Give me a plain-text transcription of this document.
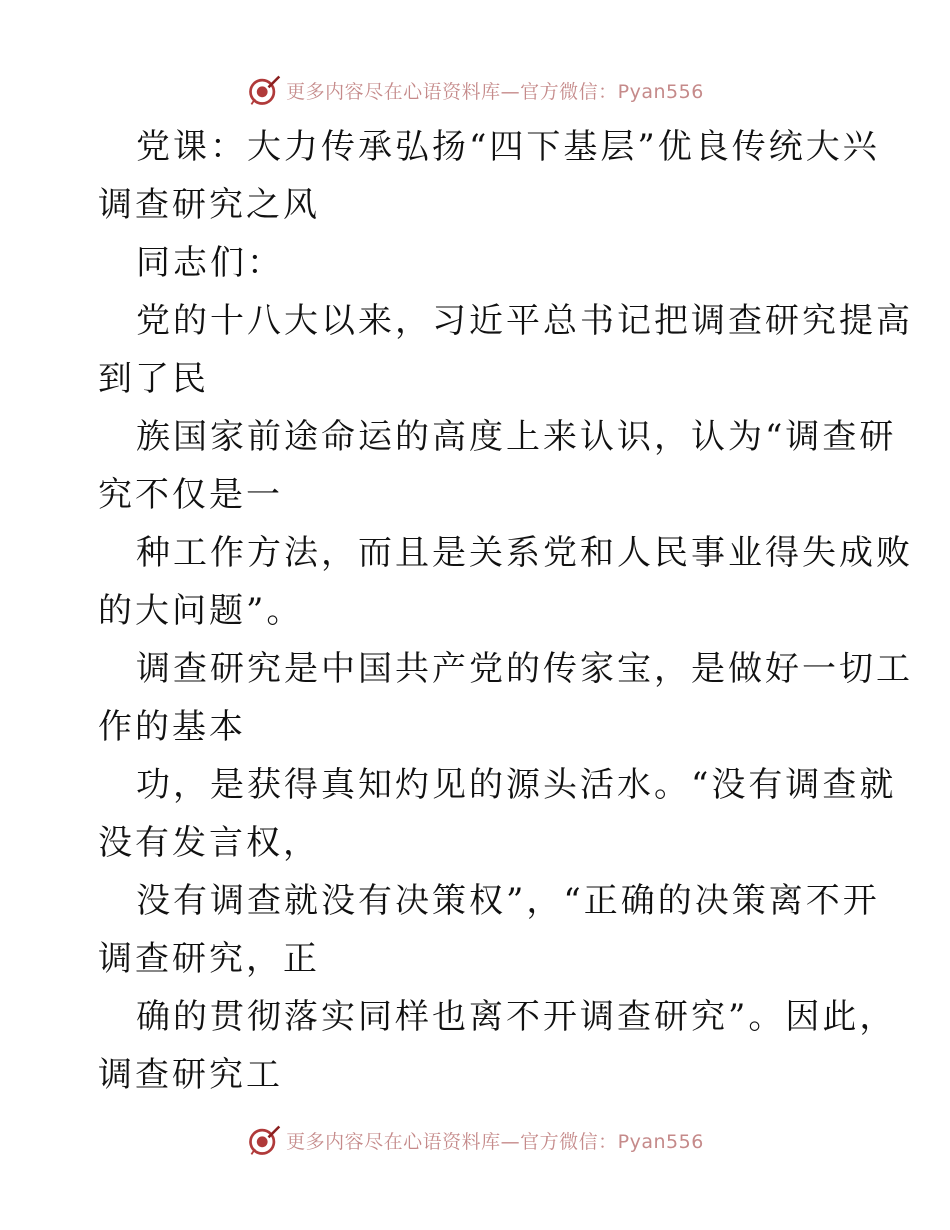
更多内容尽在心语资料库—官方微信：Pyan556
党课：大力传承弘扬“四下基层”优良传统大兴
调查研究之风
同志们：
党的十八大以来，习近平总书记把调查研究提高
到了民
族国家前途命运的高度上来认识，认为“调查研
究不仅是一
种工作方法，而且是关系党和人民事业得失成败
的大问题”。
调查研究是中国共产党的传家宝，是做好一切工
作的基本
功，是获得真知灼见的源头活水。“没有调查就
没有发言权，
没有调查就没有决策权”，“正确的决策离不开
调查研究，正
确的贯彻落实同样也离不开调查研究”。因此，
调查研究工
更多内容尽在心语资料库—官方微信：Pyan556
